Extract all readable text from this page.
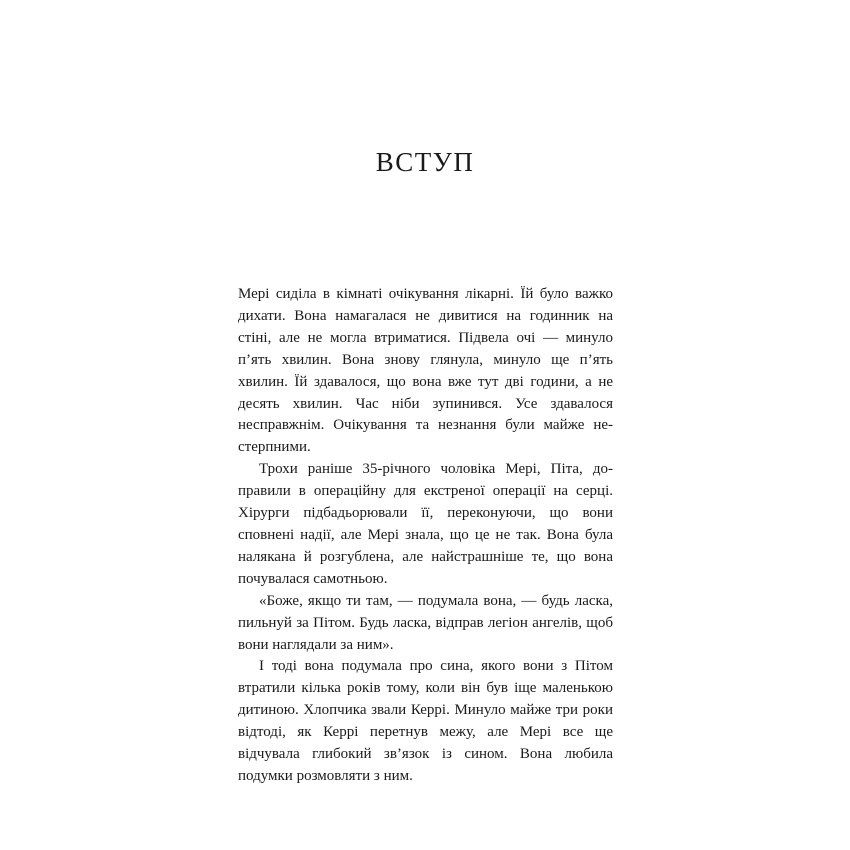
ВСТУП

Мері сиділа в кімнаті очікування лікарні. Їй було важко дихати. Вона намагалася не дивитися на годинник на стіні, але не могла втриматися. Підвела очі — минуло п’ять хвилин. Вона знову глянула, минуло ще п’ять хвилин. Їй здавалося, що вона вже тут дві години, а не десять хвилин. Час ніби зупинився. Усе здавалося несправжнім. Очікування та незнання були майже нестерпними.

Трохи раніше 35-річного чоловіка Мері, Піта, доправили в операційну для екстреної операції на серці. Хірурги підбадьорювали її, переконуючи, що вони сповнені надії, але Мері знала, що це не так. Вона була налякана й розгублена, але найстрашніше те, що вона почувалася самотньою.

«Боже, якщо ти там, — подумала вона, — будь ласка, пильнуй за Пітом. Будь ласка, відправ легіон ангелів, щоб вони наглядали за ним».

І тоді вона подумала про сина, якого вони з Пітом втратили кілька років тому, коли він був іще маленькою дитиною. Хлопчика звали Керрі. Минуло майже три роки відтоді, як Керрі перетнув межу, але Мері все ще відчувала глибокий зв’язок із сином. Вона любила подумки розмовляти з ним.
